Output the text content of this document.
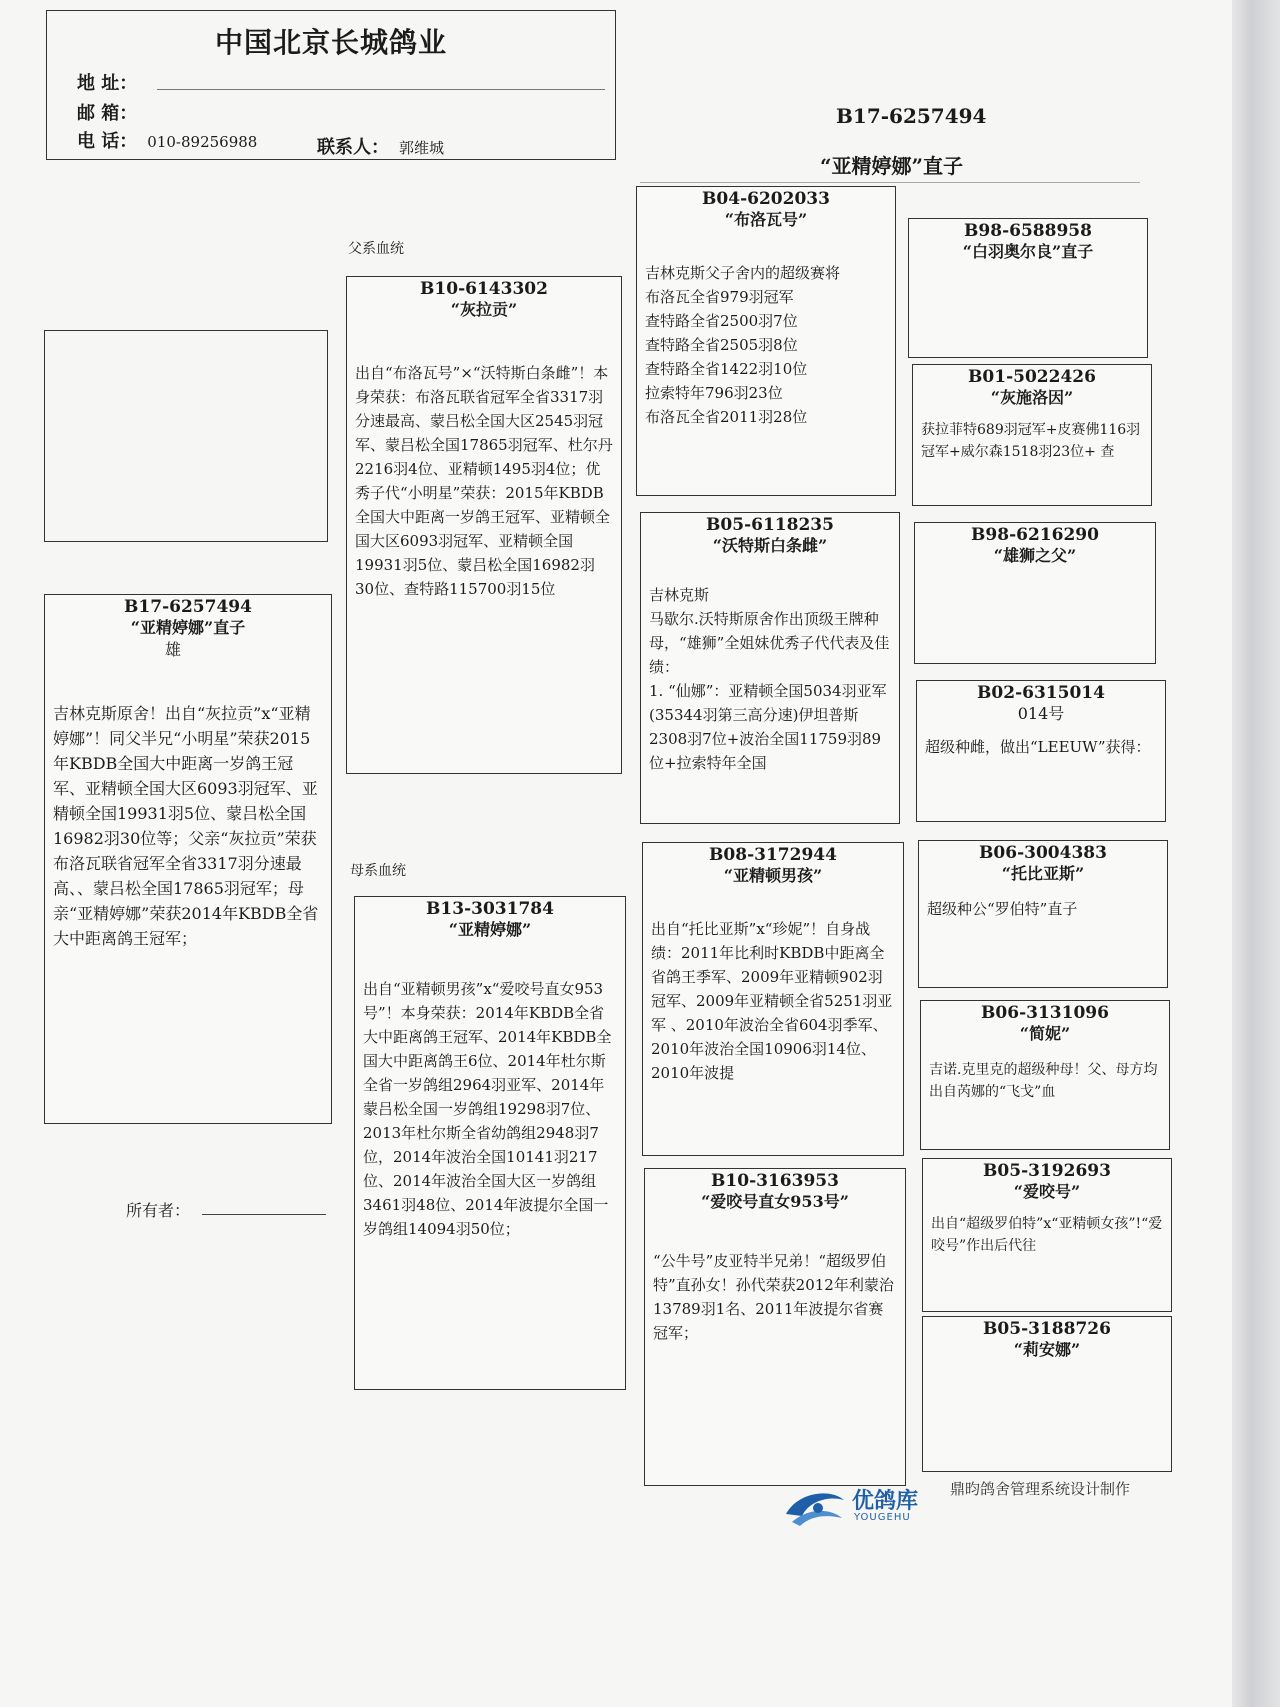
中国北京长城鸽业
地 址：
邮 箱：
电 话： 010-89256988	联系人： 郭维城
B17-6257494
“亚精婷娜”直子
父系血统
母系血统
B17-6257494
“亚精婷娜”直子
雄
吉林克斯原舍！出自“灰拉贡”x“亚精婷娜”！同父半兄“小明星”荣获2015年KBDB全国大中距离一岁鸽王冠军、亚精顿全国大区6093羽冠军、亚精顿全国19931羽5位、蒙吕松全国16982羽30位等；父亲“灰拉贡”荣获布洛瓦联省冠军全省3317羽分速最高、、蒙吕松全国17865羽冠军；母亲“亚精婷娜”荣获2014年KBDB全省大中距离鸽王冠军；
B10-6143302
“灰拉贡”
出自“布洛瓦号”×“沃特斯白条雌”！本身荣获：布洛瓦联省冠军全省3317羽分速最高、蒙吕松全国大区2545羽冠军、蒙吕松全国17865羽冠军、杜尔丹2216羽4位、亚精顿1495羽4位；优秀子代“小明星”荣获：2015年KBDB全国大中距离一岁鸽王冠军、亚精顿全国大区6093羽冠军、亚精顿全国19931羽5位、蒙吕松全国16982羽30位、查特路115700羽15位
B13-3031784
“亚精婷娜”
出自“亚精顿男孩”x“爱咬号直女953号”！本身荣获：2014年KBDB全省大中距离鸽王冠军、2014年KBDB全国大中距离鸽王6位、2014年杜尔斯全省一岁鸽组2964羽亚军、2014年蒙吕松全国一岁鸽组19298羽7位、2013年杜尔斯全省幼鸽组2948羽7位，2014年波治全国10141羽217位、2014年波治全国大区一岁鸽组3461羽48位、2014年波提尔全国一岁鸽组14094羽50位；
B04-6202033
“布洛瓦号”
吉林克斯父子舍内的超级赛将
布洛瓦全省979羽冠军
查特路全省2500羽7位
查特路全省2505羽8位
查特路全省1422羽10位
拉索特年796羽23位
布洛瓦全省2011羽28位
B05-6118235
“沃特斯白条雌”
吉林克斯
马歇尔.沃特斯原舍作出顶级王牌种母，“雄狮”全姐妹优秀子代代表及佳绩：
1. “仙娜”：亚精顿全国5034羽亚军(35344羽第三高分速)伊坦普斯2308羽7位+波治全国11759羽89位+拉索特年全国
B08-3172944
“亚精顿男孩”
出自“托比亚斯”x“珍妮”！自身战绩：2011年比利时KBDB中距离全省鸽王季军、2009年亚精顿902羽冠军、2009年亚精顿全省5251羽亚军 、2010年波治全省604羽季军、2010年波治全国10906羽14位、2010年波提
B10-3163953
“爱咬号直女953号”
“公牛号”皮亚特半兄弟！“超级罗伯特”直孙女！孙代荣获2012年利蒙治13789羽1名、2011年波提尔省赛冠军；
B98-6588958
“白羽奥尔良”直子
B01-5022426
“灰施洛因”
获拉菲特689羽冠军+皮赛佛116羽冠军+威尔森1518羽23位+ 查
B98-6216290
“雄狮之父”
B02-6315014
014号
超级种雌，做出“LEEUW”获得：
B06-3004383
“托比亚斯”
超级种公“罗伯特”直子
B06-3131096
“简妮”
吉诺.克里克的超级种母！父、母方均出自芮娜的“飞戈”血
B05-3192693
“爱咬号”
出自“超级罗伯特”x“亚精顿女孩”!“爱咬号”作出后代往
B05-3188726
“莉安娜”
所有者：
优鸽库
YOUGEHU
鼎昀鸽舍管理系统设计制作
